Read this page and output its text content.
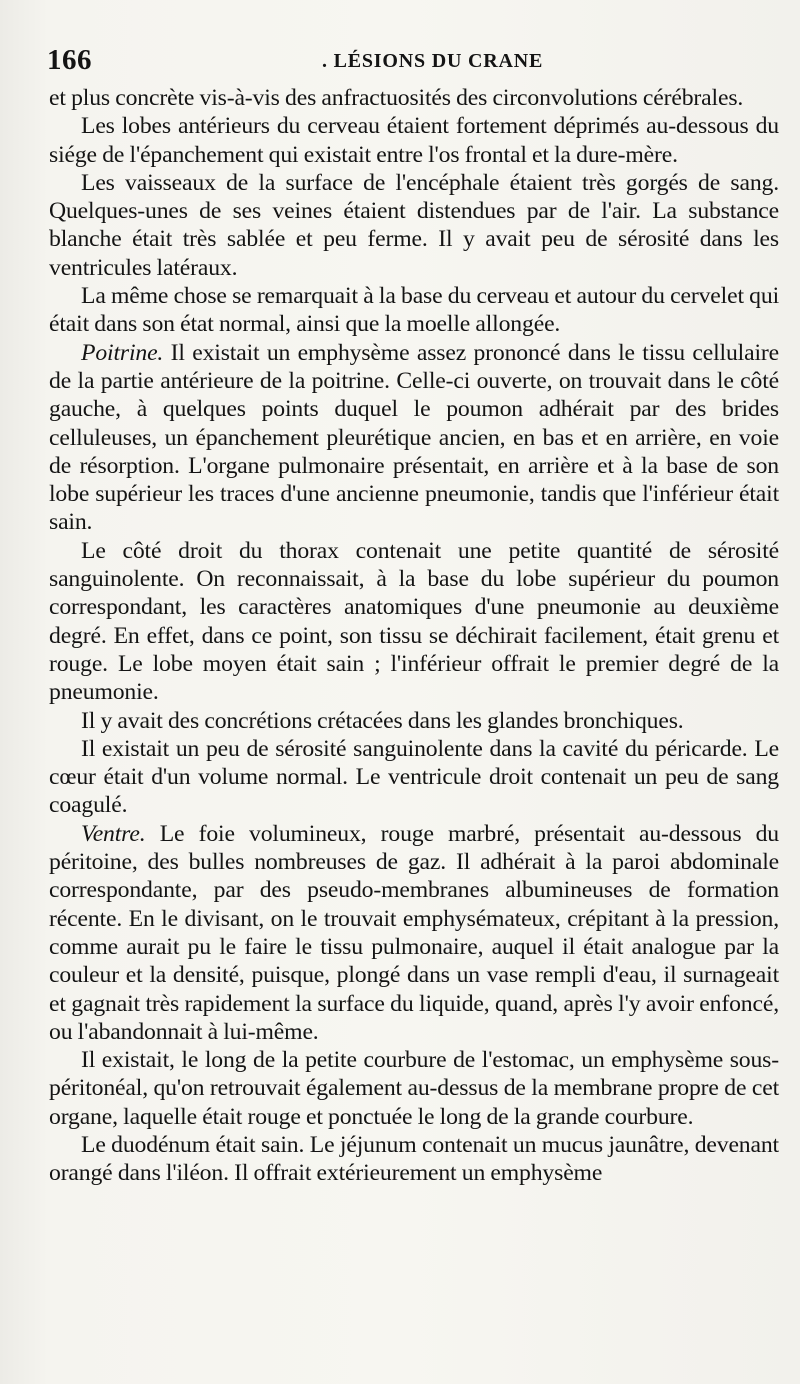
166	. LÉSIONS DU CRANE

et plus concrète vis-à-vis des anfractuosités des circonvolutions cérébrales.

Les lobes antérieurs du cerveau étaient fortement déprimés au-dessous du siége de l'épanchement qui existait entre l'os frontal et la dure-mère.

Les vaisseaux de la surface de l'encéphale étaient très gorgés de sang. Quelques-unes de ses veines étaient distendues par de l'air. La substance blanche était très sablée et peu ferme. Il y avait peu de sérosité dans les ventricules latéraux.

La même chose se remarquait à la base du cerveau et autour du cervelet qui était dans son état normal, ainsi que la moelle allongée.

Poitrine. Il existait un emphysème assez prononcé dans le tissu cellulaire de la partie antérieure de la poitrine. Celle-ci ouverte, on trouvait dans le côté gauche, à quelques points duquel le poumon adhérait par des brides celluleuses, un épanchement pleurétique ancien, en bas et en arrière, en voie de résorption. L'organe pulmonaire présentait, en arrière et à la base de son lobe supérieur les traces d'une ancienne pneumonie, tandis que l'inférieur était sain.

Le côté droit du thorax contenait une petite quantité de sérosité sanguinolente. On reconnaissait, à la base du lobe supérieur du poumon correspondant, les caractères anatomiques d'une pneumonie au deuxième degré. En effet, dans ce point, son tissu se déchirait facilement, était grenu et rouge. Le lobe moyen était sain ; l'inférieur offrait le premier degré de la pneumonie.

Il y avait des concrétions crétacées dans les glandes bronchiques.

Il existait un peu de sérosité sanguinolente dans la cavité du péricarde. Le cœur était d'un volume normal. Le ventricule droit contenait un peu de sang coagulé.

Ventre. Le foie volumineux, rouge marbré, présentait au-dessous du péritoine, des bulles nombreuses de gaz. Il adhérait à la paroi abdominale correspondante, par des pseudo-membranes albumineuses de formation récente. En le divisant, on le trouvait emphysémateux, crépitant à la pression, comme aurait pu le faire le tissu pulmonaire, auquel il était analogue par la couleur et la densité, puisque, plongé dans un vase rempli d'eau, il surnageait et gagnait très rapidement la surface du liquide, quand, après l'y avoir enfoncé, ou l'abandonnait à lui-même.

Il existait, le long de la petite courbure de l'estomac, un emphysème sous-péritonéal, qu'on retrouvait également au-dessus de la membrane propre de cet organe, laquelle était rouge et ponctuée le long de la grande courbure.

Le duodénum était sain. Le jéjunum contenait un mucus jaunâtre, devenant orangé dans l'iléon. Il offrait extérieurement un emphysème
